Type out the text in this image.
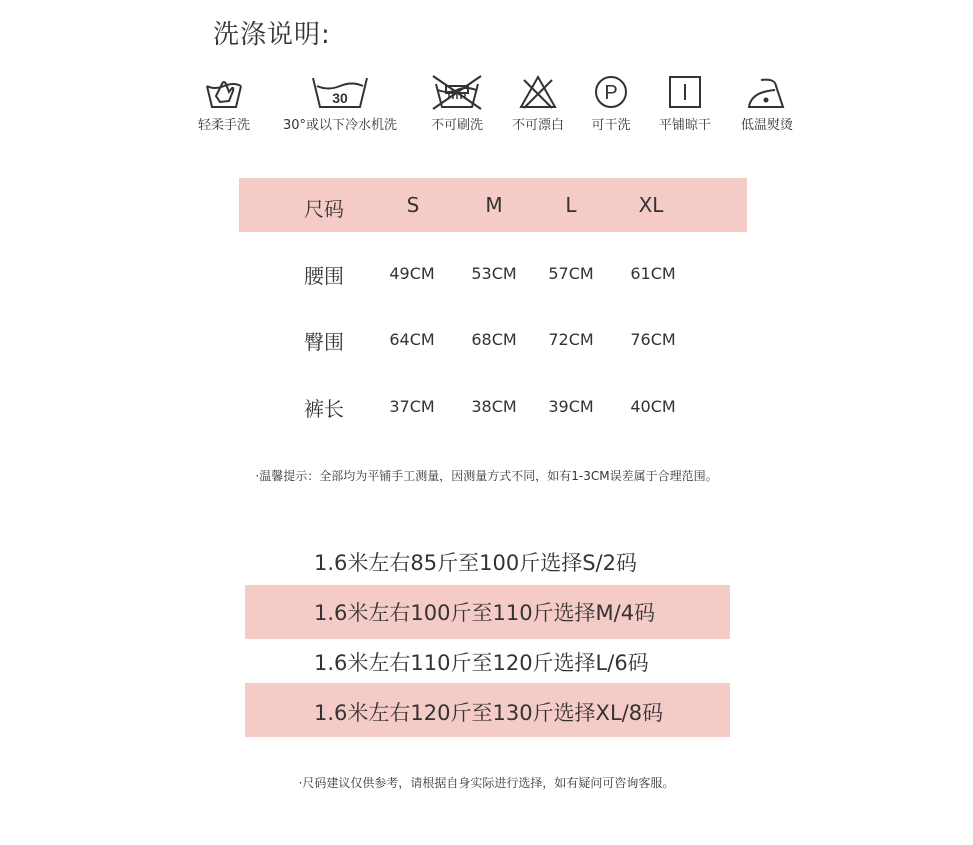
洗涤说明:
轻柔手洗
30
30°或以下冷水机洗	不可刷洗	不可漂白
P
可干洗	平铺晾干	低温熨烫
尺码	S	M	L	XL
腰围	49CM 53CM 57CM 61CM
臀围	64CM 68CM 72CM 76CM
裤长	37CM 38CM 39CM 40CM
·温馨提示：全部均为平铺手工测量，因测量方式不同，如有1-3CM误差属于合理范围。
1.6米左右85斤至100斤选择S/2码
1.6米左右100斤至110斤选择M/4码
1.6米左右110斤至120斤选择L/6码
1.6米左右120斤至130斤选择XL/8码
·尺码建议仅供参考，请根据自身实际进行选择，如有疑问可咨询客服。
